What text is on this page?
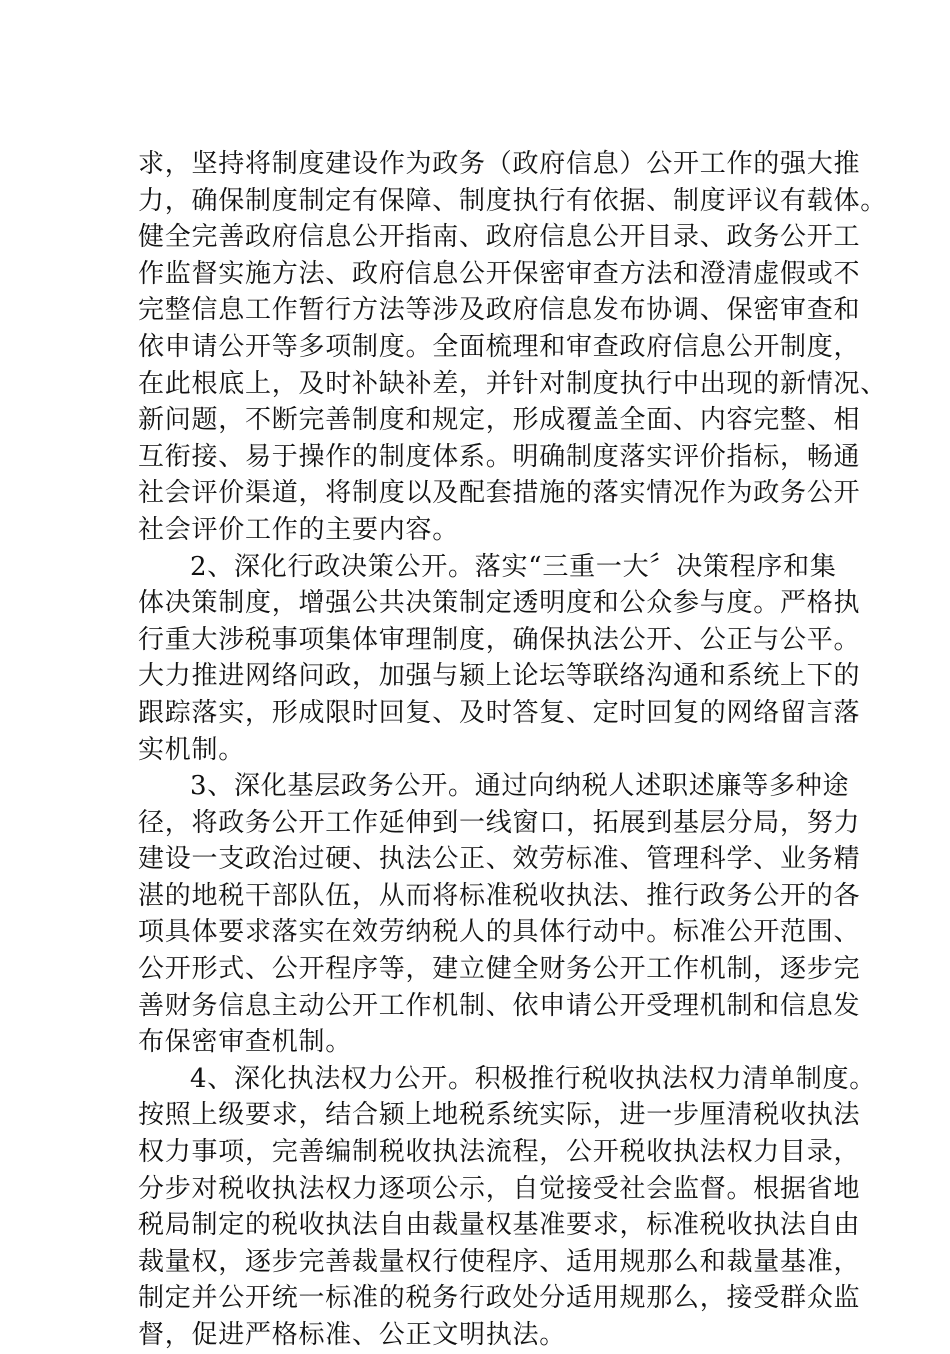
求，坚持将制度建设作为政务（政府信息）公开工作的强大推
力，确保制度制定有保障、制度执行有依据、制度评议有载体。
健全完善政府信息公开指南、政府信息公开目录、政务公开工
作监督实施方法、政府信息公开保密审查方法和澄清虚假或不
完整信息工作暂行方法等涉及政府信息发布协调、保密审查和
依申请公开等多项制度。全面梳理和审查政府信息公开制度，
在此根底上，及时补缺补差，并针对制度执行中出现的新情况、
新问题，不断完善制度和规定，形成覆盖全面、内容完整、相
互衔接、易于操作的制度体系。明确制度落实评价指标，畅通
社会评价渠道，将制度以及配套措施的落实情况作为政务公开
社会评价工作的主要内容。
2、深化行政决策公开。落实“三重一大〞决策程序和集
体决策制度，增强公共决策制定透明度和公众参与度。严格执
行重大涉税事项集体审理制度，确保执法公开、公正与公平。
大力推进网络问政，加强与颍上论坛等联络沟通和系统上下的
跟踪落实，形成限时回复、及时答复、定时回复的网络留言落
实机制。
3、深化基层政务公开。通过向纳税人述职述廉等多种途
径，将政务公开工作延伸到一线窗口，拓展到基层分局，努力
建设一支政治过硬、执法公正、效劳标准、管理科学、业务精
湛的地税干部队伍，从而将标准税收执法、推行政务公开的各
项具体要求落实在效劳纳税人的具体行动中。标准公开范围、
公开形式、公开程序等，建立健全财务公开工作机制，逐步完
善财务信息主动公开工作机制、依申请公开受理机制和信息发
布保密审查机制。
4、深化执法权力公开。积极推行税收执法权力清单制度。
按照上级要求，结合颍上地税系统实际，进一步厘清税收执法
权力事项，完善编制税收执法流程，公开税收执法权力目录，
分步对税收执法权力逐项公示，自觉接受社会监督。根据省地
税局制定的税收执法自由裁量权基准要求，标准税收执法自由
裁量权，逐步完善裁量权行使程序、适用规那么和裁量基准，
制定并公开统一标准的税务行政处分适用规那么，接受群众监
督，促进严格标准、公正文明执法。
